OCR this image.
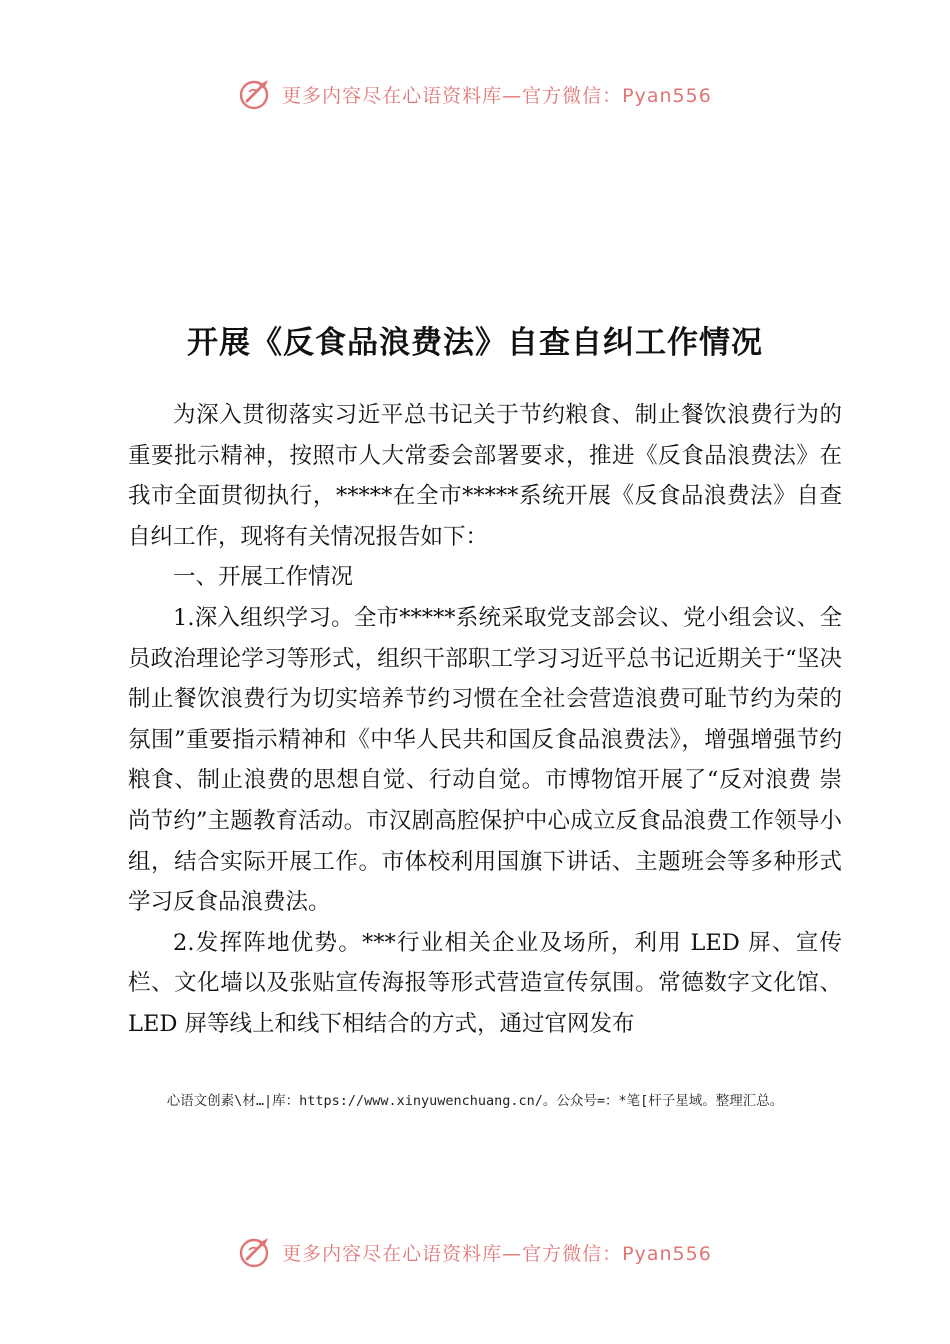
更多内容尽在心语资料库—官方微信：Pyan556
开展《反食品浪费法》自查自纠工作情况

为深入贯彻落实习近平总书记关于节约粮食、制止餐饮浪费行为的重要批示精神，按照市人大常委会部署要求，推进《反食品浪费法》在我市全面贯彻执行，*****在全市*****系统开展《反食品浪费法》自查自纠工作，现将有关情况报告如下：

一、开展工作情况

1.深入组织学习。全市*****系统采取党支部会议、党小组会议、全员政治理论学习等形式，组织干部职工学习习近平总书记近期关于“坚决制止餐饮浪费行为切实培养节约习惯在全社会营造浪费可耻节约为荣的氛围”重要指示精神和《中华人民共和国反食品浪费法》，增强增强节约粮食、制止浪费的思想自觉、行动自觉。市博物馆开展了“反对浪费 崇尚节约”主题教育活动。市汉剧高腔保护中心成立反食品浪费工作领导小组，结合实际开展工作。市体校利用国旗下讲话、主题班会等多种形式学习反食品浪费法。

2.发挥阵地优势。***行业相关企业及场所，利用 LED 屏、宣传栏、文化墙以及张贴宣传海报等形式营造宣传氛围。常德数字文化馆、LED 屏等线上和线下相结合的方式，通过官网发布

心语文创素\材…|库：https://www.xinyuwenchuang.cn/。公众号=：*笔[杆子星域。整理汇总。
更多内容尽在心语资料库—官方微信：Pyan556
